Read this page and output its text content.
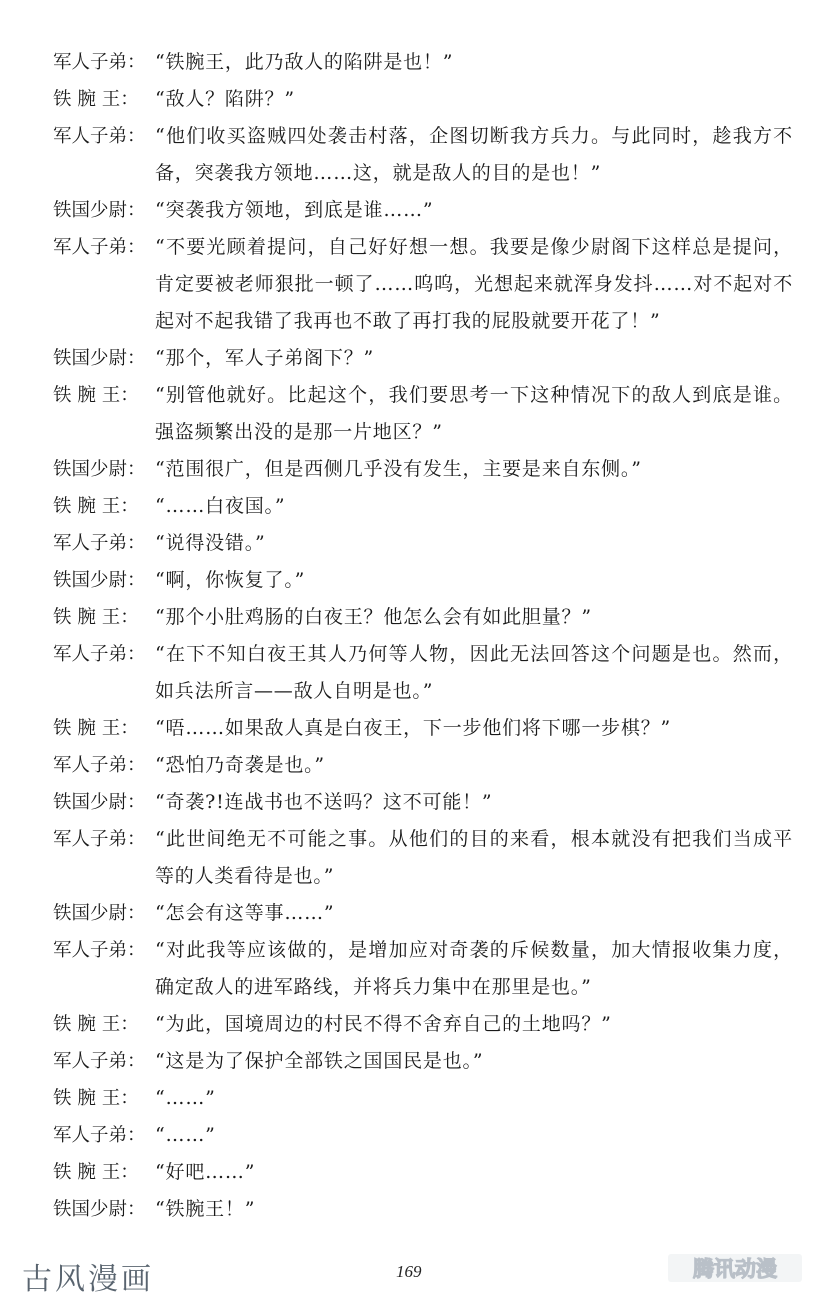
军人子弟： “铁腕王，此乃敌人的陷阱是也！”
铁 腕 王： “敌人？陷阱？”
军人子弟： “他们收买盗贼四处袭击村落，企图切断我方兵力。与此同时，趁我方不备，突袭我方领地……这，就是敌人的目的是也！”
铁国少尉： “突袭我方领地，到底是谁……”
军人子弟： “不要光顾着提问，自己好好想一想。我要是像少尉阁下这样总是提问，肯定要被老师狠批一顿了……呜呜，光想起来就浑身发抖……对不起对不起对不起我错了我再也不敢了再打我的屁股就要开花了！”
铁国少尉： “那个，军人子弟阁下？”
铁 腕 王： “别管他就好。比起这个，我们要思考一下这种情况下的敌人到底是谁。强盗频繁出没的是那一片地区？”
铁国少尉： “范围很广，但是西侧几乎没有发生，主要是来自东侧。”
铁 腕 王： “……白夜国。”
军人子弟： “说得没错。”
铁国少尉： “啊，你恢复了。”
铁 腕 王： “那个小肚鸡肠的白夜王？他怎么会有如此胆量？”
军人子弟： “在下不知白夜王其人乃何等人物，因此无法回答这个问题是也。然而，如兵法所言——敌人自明是也。”
铁 腕 王： “唔……如果敌人真是白夜王，下一步他们将下哪一步棋？”
军人子弟： “恐怕乃奇袭是也。”
铁国少尉： “奇袭?!连战书也不送吗？这不可能！”
军人子弟： “此世间绝无不可能之事。从他们的目的来看，根本就没有把我们当成平等的人类看待是也。”
铁国少尉： “怎会有这等事……”
军人子弟： “对此我等应该做的，是增加应对奇袭的斥候数量，加大情报收集力度，确定敌人的进军路线，并将兵力集中在那里是也。”
铁 腕 王： “为此，国境周边的村民不得不舍弃自己的土地吗？”
军人子弟： “这是为了保护全部铁之国国民是也。”
铁 腕 王： “……”
军人子弟： “……”
铁 腕 王： “好吧……”
铁国少尉： “铁腕王！”
古风漫画	169	腾讯动漫
